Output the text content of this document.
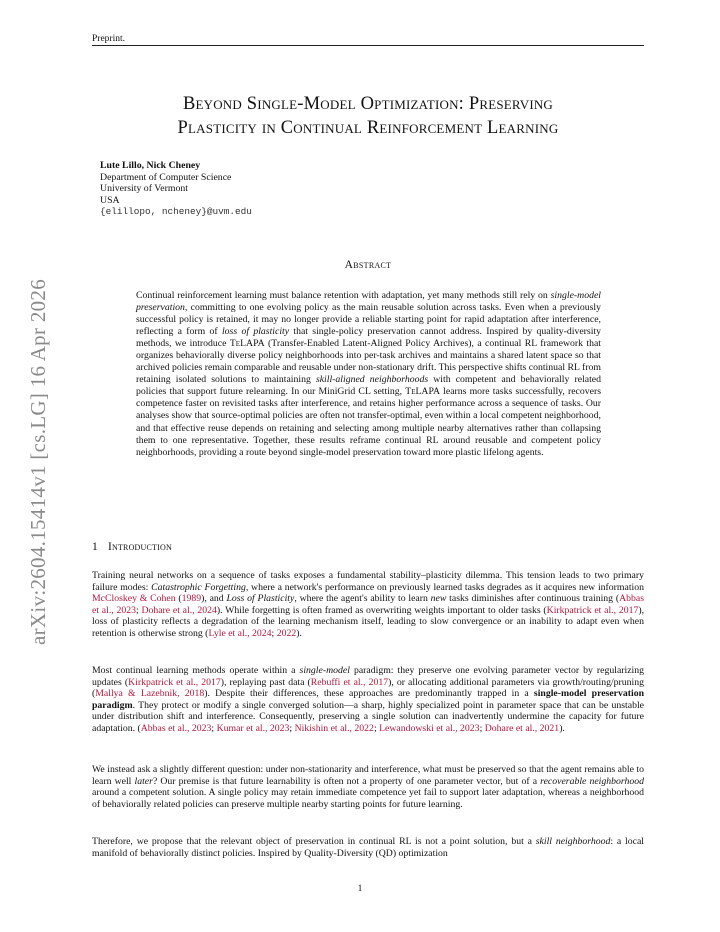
Preprint.
Beyond Single-Model Optimization: Preserving
Plasticity in Continual Reinforcement Learning
Lute Lillo, Nick Cheney
Department of Computer Science
University of Vermont
USA
{elillopo, ncheney}@uvm.edu
Abstract
Continual reinforcement learning must balance retention with adaptation, yet many methods still rely on single-model preservation, committing to one evolving policy as the main reusable solution across tasks. Even when a previously successful policy is retained, it may no longer provide a reliable starting point for rapid adaptation after interference, reflecting a form of loss of plasticity that single-policy preservation cannot address. Inspired by quality-diversity methods, we introduce TeLAPA (Transfer-Enabled Latent-Aligned Policy Archives), a continual RL framework that organizes behaviorally diverse policy neighborhoods into per-task archives and maintains a shared latent space so that archived policies remain comparable and reusable under non-stationary drift. This perspective shifts continual RL from retaining isolated solutions to maintaining skill-aligned neighborhoods with competent and behaviorally related policies that support future relearning. In our MiniGrid CL setting, TeLAPA learns more tasks successfully, recovers competence faster on revisited tasks after interference, and retains higher performance across a sequence of tasks. Our analyses show that source-optimal policies are often not transfer-optimal, even within a local competent neighborhood, and that effective reuse depends on retaining and selecting among multiple nearby alternatives rather than collapsing them to one representative. Together, these results reframe continual RL around reusable and competent policy neighborhoods, providing a route beyond single-model preservation toward more plastic lifelong agents.
1 Introduction

Training neural networks on a sequence of tasks exposes a fundamental stability–plasticity dilemma. This tension leads to two primary failure modes: Catastrophic Forgetting, where a network's performance on previously learned tasks degrades as it acquires new information McCloskey & Cohen (1989), and Loss of Plasticity, where the agent's ability to learn new tasks diminishes after continuous training (Abbas et al., 2023; Dohare et al., 2024). While forgetting is often framed as overwriting weights important to older tasks (Kirkpatrick et al., 2017), loss of plasticity reflects a degradation of the learning mechanism itself, leading to slow convergence or an inability to adapt even when retention is otherwise strong (Lyle et al., 2024; 2022).

Most continual learning methods operate within a single-model paradigm: they preserve one evolving parameter vector by regularizing updates (Kirkpatrick et al., 2017), replaying past data (Rebuffi et al., 2017), or allocating additional parameters via growth/routing/pruning (Mallya & Lazebnik, 2018). Despite their differences, these approaches are predominantly trapped in a single-model preservation paradigm. They protect or modify a single converged solution—a sharp, highly specialized point in parameter space that can be unstable under distribution shift and interference. Consequently, preserving a single solution can inadvertently undermine the capacity for future adaptation. (Abbas et al., 2023; Kumar et al., 2023; Nikishin et al., 2022; Lewandowski et al., 2023; Dohare et al., 2021).

We instead ask a slightly different question: under non-stationarity and interference, what must be preserved so that the agent remains able to learn well later? Our premise is that future learnability is often not a property of one parameter vector, but of a recoverable neighborhood around a competent solution. A single policy may retain immediate competence yet fail to support later adaptation, whereas a neighborhood of behaviorally related policies can preserve multiple nearby starting points for future learning.

Therefore, we propose that the relevant object of preservation in continual RL is not a point solution, but a skill neighborhood: a local manifold of behaviorally distinct policies. Inspired by Quality-Diversity (QD) optimization

arXiv:2604.15414v1 [cs.LG] 16 Apr 2026
1
